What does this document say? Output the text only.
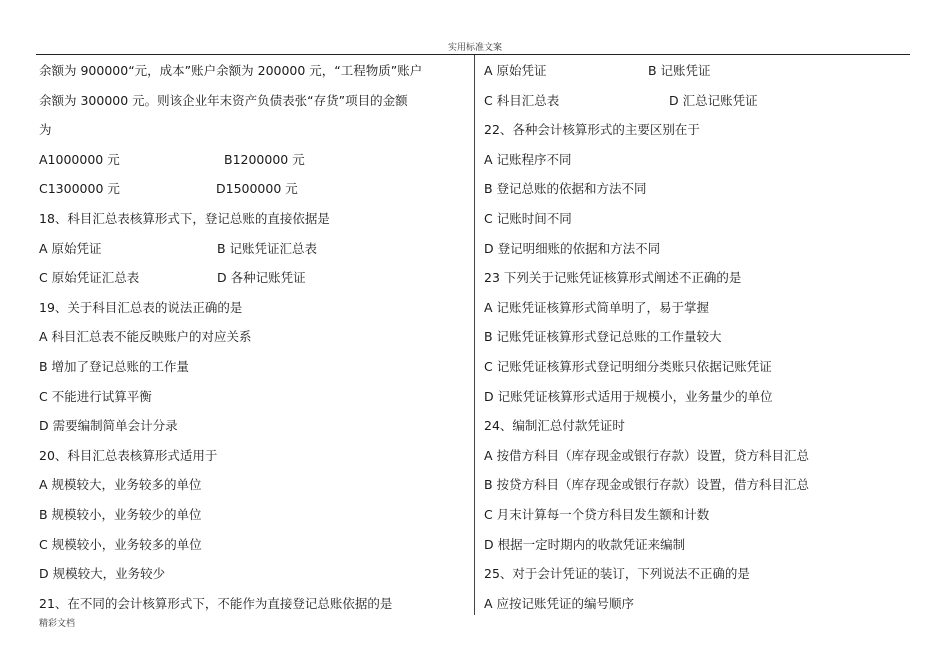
实用标准文案
余额为 900000“元，成本”账户余额为 200000 元，“工程物质”账户
余额为 300000 元。则该企业年末资产负债表张“存货”项目的金额
为
A1000000 元	B1200000 元
C1300000 元	D1500000 元
18、科目汇总表核算形式下，登记总账的直接依据是
A 原始凭证	B 记账凭证汇总表
C 原始凭证汇总表	D 各种记账凭证
19、关于科目汇总表的说法正确的是
A 科目汇总表不能反映账户的对应关系
B 增加了登记总账的工作量
C 不能进行试算平衡
D 需要编制简单会计分录
20、科目汇总表核算形式适用于
A 规模较大，业务较多的单位
B 规模较小，业务较少的单位
C 规模较小，业务较多的单位
D 规模较大，业务较少
21、在不同的会计核算形式下，不能作为直接登记总账依据的是
A 原始凭证	B 记账凭证
C 科目汇总表	D 汇总记账凭证
22、各种会计核算形式的主要区别在于
A 记账程序不同
B 登记总账的依据和方法不同
C 记账时间不同
D 登记明细账的依据和方法不同
23 下列关于记账凭证核算形式阐述不正确的是
A 记账凭证核算形式简单明了，易于掌握
B 记账凭证核算形式登记总账的工作量较大
C 记账凭证核算形式登记明细分类账只依据记账凭证
D 记账凭证核算形式适用于规模小，业务量少的单位
24、编制汇总付款凭证时
A 按借方科目（库存现金或银行存款）设置，贷方科目汇总
B 按贷方科目（库存现金或银行存款）设置，借方科目汇总
C 月末计算每一个贷方科目发生额和计数
D 根据一定时期内的收款凭证来编制
25、对于会计凭证的装订，下列说法不正确的是
A 应按记账凭证的编号顺序
精彩文档
